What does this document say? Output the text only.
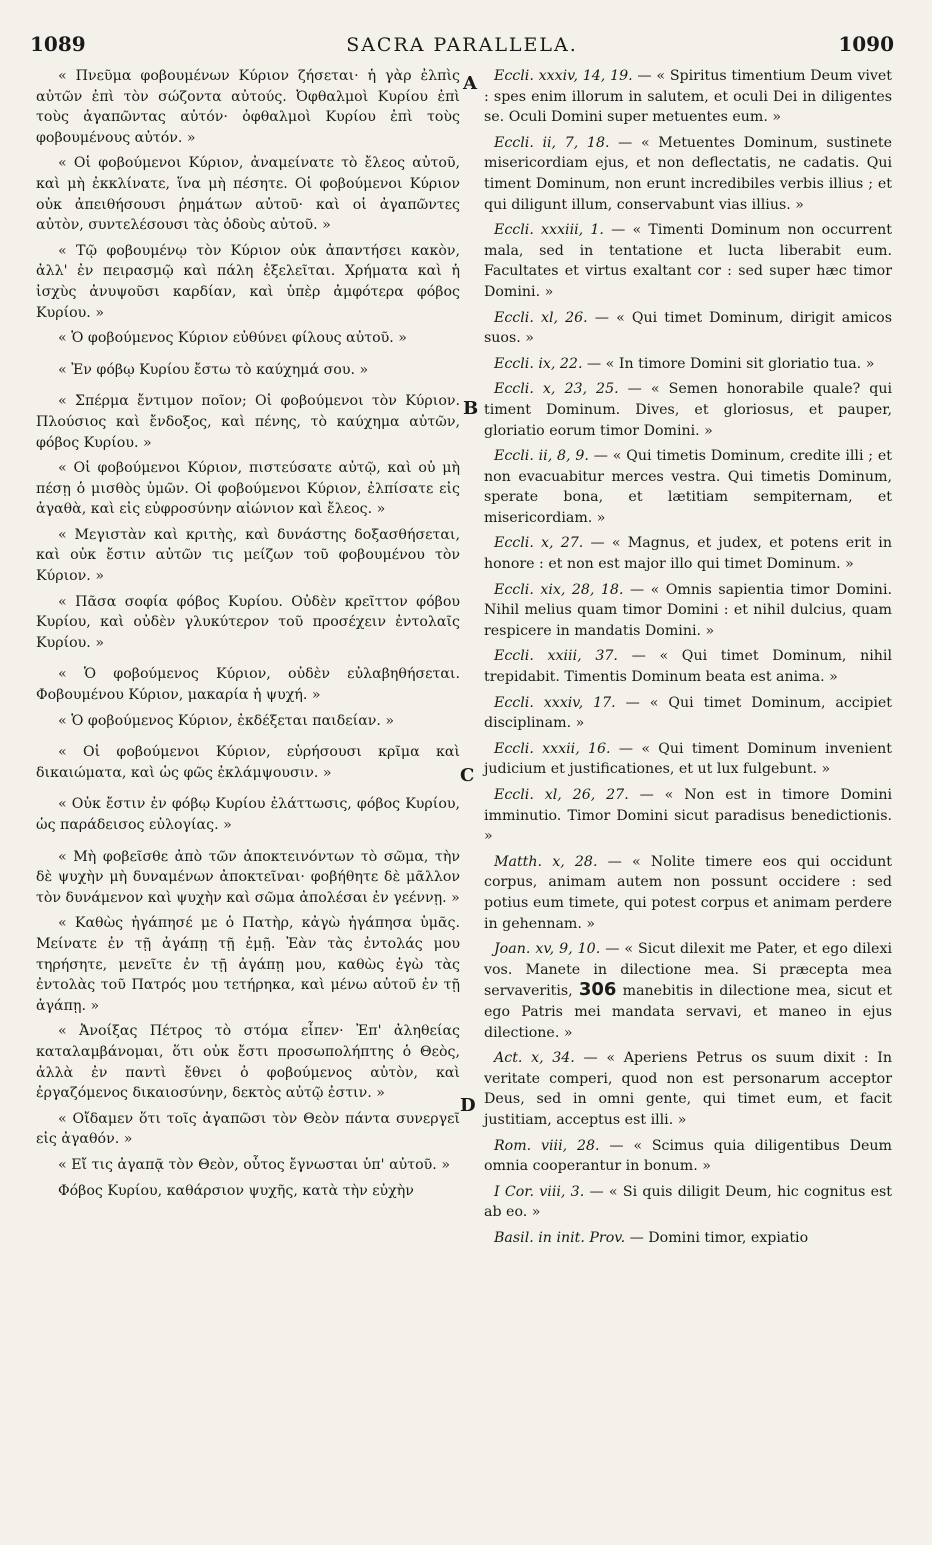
1089	SACRA PARALLELA.	1090
A
B
C
D

« Πνεῦμα φοβουμένων Κύριον ζήσεται· ἡ γὰρ ἐλπὶς αὐτῶν ἐπὶ τὸν σώζοντα αὐτούς. Ὀφθαλμοὶ Κυρίου ἐπὶ τοὺς ἀγαπῶντας αὐτόν· ὀφθαλμοὶ Κυρίου ἐπὶ τοὺς φοβουμένους αὐτόν. »

« Οἱ φοβούμενοι Κύριον, ἀναμείνατε τὸ ἔλεος αὐτοῦ, καὶ μὴ ἐκκλίνατε, ἵνα μὴ πέσητε. Οἱ φοβούμενοι Κύριον οὐκ ἀπειθήσουσι ῥημάτων αὐτοῦ· καὶ οἱ ἀγαπῶντες αὐτὸν, συντελέσουσι τὰς ὁδοὺς αὐτοῦ. »

« Τῷ φοβουμένῳ τὸν Κύριον οὐκ ἀπαντήσει κακὸν, ἀλλ' ἐν πειρασμῷ καὶ πάλη ἐξελεῖται. Χρήματα καὶ ἡ ἰσχὺς ἀνυψοῦσι καρδίαν, καὶ ὑπὲρ ἀμφότερα φόβος Κυρίου. »

« Ὁ φοβούμενος Κύριον εὐθύνει φίλους αὐτοῦ. »

« Ἐν φόβῳ Κυρίου ἔστω τὸ καύχημά σου. »

« Σπέρμα ἔντιμον ποῖον; Οἱ φοβούμενοι τὸν Κύριον. Πλούσιος καὶ ἔνδοξος, καὶ πένης, τὸ καύχημα αὐτῶν, φόβος Κυρίου. »

« Οἱ φοβούμενοι Κύριον, πιστεύσατε αὐτῷ, καὶ οὐ μὴ πέσῃ ὁ μισθὸς ὑμῶν. Οἱ φοβούμενοι Κύριον, ἐλπίσατε εἰς ἀγαθὰ, καὶ εἰς εὐφροσύνην αἰώνιον καὶ ἔλεος. »

« Μεγιστὰν καὶ κριτὴς, καὶ δυνάστης δοξασθήσεται, καὶ οὐκ ἔστιν αὐτῶν τις μείζων τοῦ φοβουμένου τὸν Κύριον. »

« Πᾶσα σοφία φόβος Κυρίου. Οὐδὲν κρεῖττον φόβου Κυρίου, καὶ οὐδὲν γλυκύτερον τοῦ προσέχειν ἐντολαῖς Κυρίου. »

« Ὁ φοβούμενος Κύριον, οὐδὲν εὐλαβηθήσεται. Φοβουμένου Κύριον, μακαρία ἡ ψυχή. »

« Ὁ φοβούμενος Κύριον, ἐκδέξεται παιδείαν. »

« Οἱ φοβούμενοι Κύριον, εὑρήσουσι κρῖμα καὶ δικαιώματα, καὶ ὡς φῶς ἐκλάμψουσιν. »

« Οὐκ ἔστιν ἐν φόβῳ Κυρίου ἐλάττωσις, φόβος Κυρίου, ὡς παράδεισος εὐλογίας. »

« Μὴ φοβεῖσθε ἀπὸ τῶν ἀποκτεινόντων τὸ σῶμα, τὴν δὲ ψυχὴν μὴ δυναμένων ἀποκτεῖναι· φοβήθητε δὲ μᾶλλον τὸν δυνάμενον καὶ ψυχὴν καὶ σῶμα ἀπολέσαι ἐν γεέννῃ. »

« Καθὼς ἠγάπησέ με ὁ Πατὴρ, κἀγὼ ἠγάπησα ὑμᾶς. Μείνατε ἐν τῇ ἀγάπῃ τῇ ἐμῇ. Ἐὰν τὰς ἐντολάς μου τηρήσητε, μενεῖτε ἐν τῇ ἀγάπῃ μου, καθὼς ἐγὼ τὰς ἐντολὰς τοῦ Πατρός μου τετήρηκα, καὶ μένω αὐτοῦ ἐν τῇ ἀγάπῃ. »

« Ἀνοίξας Πέτρος τὸ στόμα εἶπεν· Ἐπ' ἀληθείας καταλαμβάνομαι, ὅτι οὐκ ἔστι προσωπολήπτης ὁ Θεὸς, ἀλλὰ ἐν παντὶ ἔθνει ὁ φοβούμενος αὐτὸν, καὶ ἐργαζόμενος δικαιοσύνην, δεκτὸς αὐτῷ ἐστιν. »

« Οἴδαμεν ὅτι τοῖς ἀγαπῶσι τὸν Θεὸν πάντα συνεργεῖ εἰς ἀγαθόν. »

« Εἴ τις ἀγαπᾷ τὸν Θεὸν, οὗτος ἔγνωσται ὑπ' αὐτοῦ. »

Φόβος Κυρίου, καθάρσιον ψυχῆς, κατὰ τὴν εὐχὴν

Eccli. xxxiv, 14, 19. — « Spiritus timentium Deum vivet : spes enim illorum in salutem, et oculi Dei in diligentes se. Oculi Domini super metuentes eum. »

Eccli. ii, 7, 18. — « Metuentes Dominum, sustinete misericordiam ejus, et non deflectatis, ne cadatis. Qui timent Dominum, non erunt incredibiles verbis illius ; et qui diligunt illum, conservabunt vias illius. »

Eccli. xxxiii, 1. — « Timenti Dominum non occurrent mala, sed in tentatione et lucta liberabit eum. Facultates et virtus exaltant cor : sed super hæc timor Domini. »

Eccli. xl, 26. — « Qui timet Dominum, dirigit amicos suos. »

Eccli. ix, 22. — « In timore Domini sit gloriatio tua. »

Eccli. x, 23, 25. — « Semen honorabile quale? qui timent Dominum. Dives, et gloriosus, et pauper, gloriatio eorum timor Domini. »

Eccli. ii, 8, 9. — « Qui timetis Dominum, credite illi ; et non evacuabitur merces vestra. Qui timetis Dominum, sperate bona, et lætitiam sempiternam, et misericordiam. »

Eccli. x, 27. — « Magnus, et judex, et potens erit in honore : et non est major illo qui timet Dominum. »

Eccli. xix, 28, 18. — « Omnis sapientia timor Domini. Nihil melius quam timor Domini : et nihil dulcius, quam respicere in mandatis Domini. »

Eccli. xxiii, 37. — « Qui timet Dominum, nihil trepidabit. Timentis Dominum beata est anima. »

Eccli. xxxiv, 17. — « Qui timet Dominum, accipiet disciplinam. »

Eccli. xxxii, 16. — « Qui timent Dominum invenient judicium et justificationes, et ut lux fulgebunt. »

Eccli. xl, 26, 27. — « Non est in timore Domini imminutio. Timor Domini sicut paradisus benedictionis. »

Matth. x, 28. — « Nolite timere eos qui occidunt corpus, animam autem non possunt occidere : sed potius eum timete, qui potest corpus et animam perdere in gehennam. »

Joan. xv, 9, 10. — « Sicut dilexit me Pater, et ego dilexi vos. Manete in dilectione mea. Si præcepta mea servaveritis, 306 manebitis in dilectione mea, sicut et ego Patris mei mandata servavi, et maneo in ejus dilectione. »

Act. x, 34. — « Aperiens Petrus os suum dixit : In veritate comperi, quod non est personarum acceptor Deus, sed in omni gente, qui timet eum, et facit justitiam, acceptus est illi. »

Rom. viii, 28. — « Scimus quia diligentibus Deum omnia cooperantur in bonum. »

I Cor. viii, 3. — « Si quis diligit Deum, hic cognitus est ab eo. »

Basil. in init. Prov. — Domini timor, expiatio
